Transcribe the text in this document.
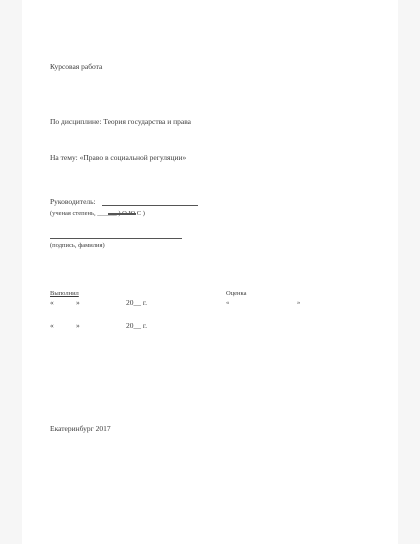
Курсовая работа
По дисциплине: Теория государства и права
На тему: «Право в социальной регуляции»
Руководитель:
(ученая степень, ______ ) О Ю С )
(подпись, фамилия)
Выполнил	Оценка
«	»	20__ г.	«	»
«	»	20__ г.
Екатеринбург 2017
